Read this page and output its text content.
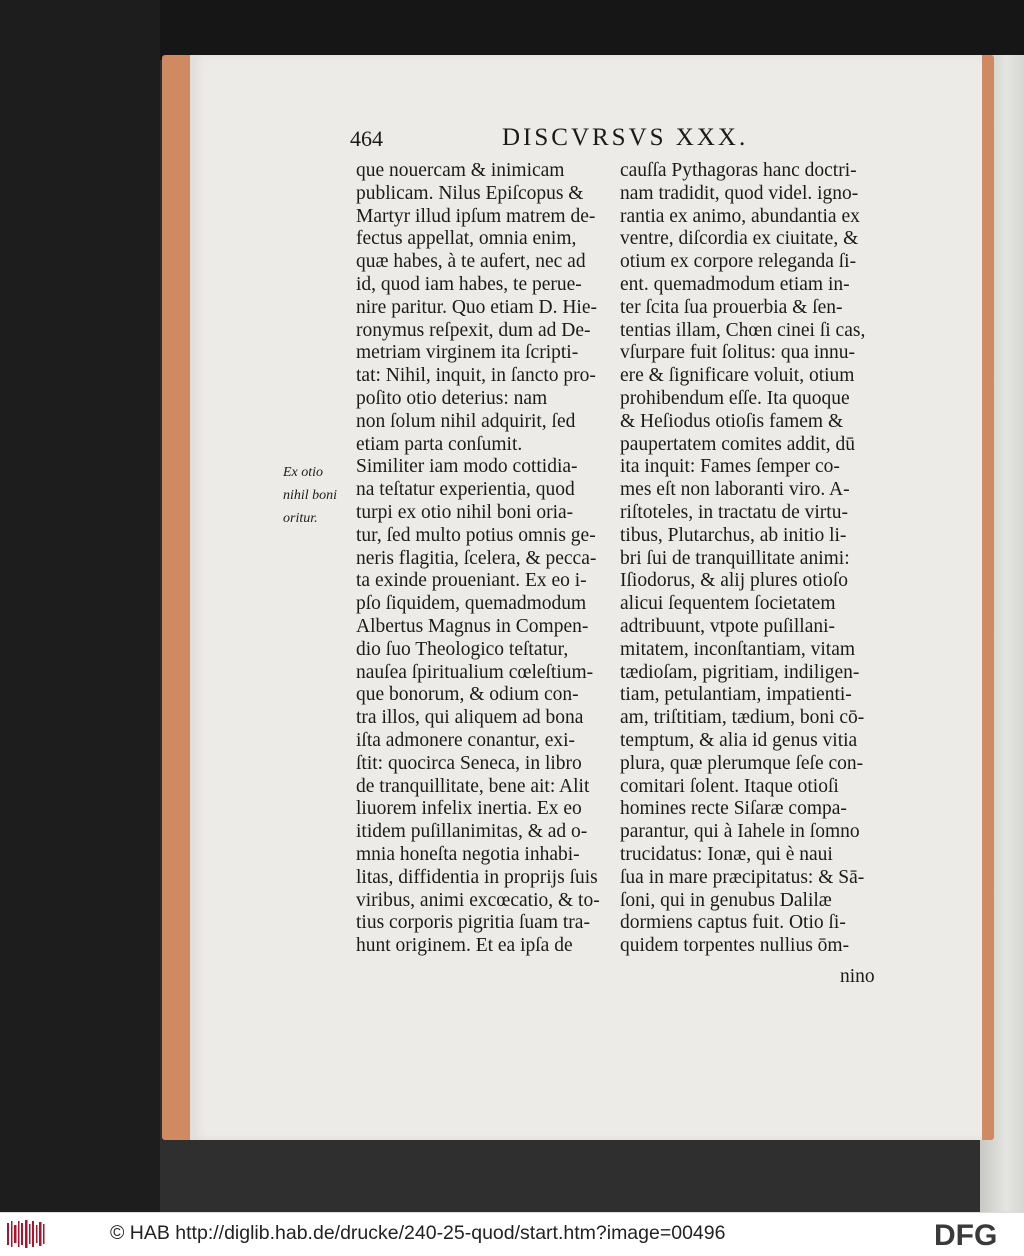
464	DISCVRSVS XXX.
Ex otio
nihil boni
oritur.
que nouercam & inimicam
publicam. Nilus Epiſcopus &
Martyr illud ipſum matrem de-
fectus appellat, omnia enim,
quæ habes, à te aufert, nec ad
id, quod iam habes, te perue-
nire paritur. Quo etiam D. Hie-
ronymus reſpexit, dum ad De-
metriam virginem ita ſcripti-
tat: Nihil, inquit, in ſancto pro-
poſito otio deterius: nam
non ſolum nihil adquirit, ſed
etiam parta conſumit.
Similiter iam modo cottidia-
na teſtatur experientia, quod
turpi ex otio nihil boni oria-
tur, ſed multo potius omnis ge-
neris flagitia, ſcelera, & pecca-
ta exinde proueniant. Ex eo i-
pſo ſiquidem, quemadmodum
Albertus Magnus in Compen-
dio ſuo Theologico teſtatur,
nauſea ſpiritualium cœleſtium-
que bonorum, & odium con-
tra illos, qui aliquem ad bona
iſta admonere conantur, exi-
ſtit: quocirca Seneca, in libro
de tranquillitate, bene ait: Alit
liuorem infelix inertia. Ex eo
itidem puſillanimitas, & ad o-
mnia honeſta negotia inhabi-
litas, diffidentia in proprijs ſuis
viribus, animi excœcatio, & to-
tius corporis pigritia ſuam tra-
hunt originem. Et ea ipſa de
cauſſa Pythagoras hanc doctri-
nam tradidit, quod videl. igno-
rantia ex animo, abundantia ex
ventre, diſcordia ex ciuitate, &
otium ex corpore releganda ſi-
ent. quemadmodum etiam in-
ter ſcita ſua prouerbia & ſen-
tentias illam, Chœn cinei ſi cas,
vſurpare fuit ſolitus: qua innu-
ere & ſignificare voluit, otium
prohibendum eſſe. Ita quoque
& Heſiodus otioſis famem &
paupertatem comites addit, dū
ita inquit: Fames ſemper co-
mes eſt non laboranti viro. A-
riſtoteles, in tractatu de virtu-
tibus, Plutarchus, ab initio li-
bri ſui de tranquillitate animi:
Iſiodorus, & alij plures otioſo
alicui ſequentem ſocietatem
adtribuunt, vtpote puſillani-
mitatem, inconſtantiam, vitam
tædioſam, pigritiam, indiligen-
tiam, petulantiam, impatienti-
am, triſtitiam, tædium, boni cō-
temptum, & alia id genus vitia
plura, quæ plerumque ſeſe con-
comitari ſolent. Itaque otioſi
homines recte Siſaræ compa-
parantur, qui à Iahele in ſomno
trucidatus: Ionæ, qui è naui
ſua in mare præcipitatus: & Sā-
ſoni, qui in genubus Dalilæ
dormiens captus fuit. Otio ſi-
quidem torpentes nullius ōm-
nino
© HAB http://diglib.hab.de/drucke/240-25-quod/start.htm?image=00496	DFG
